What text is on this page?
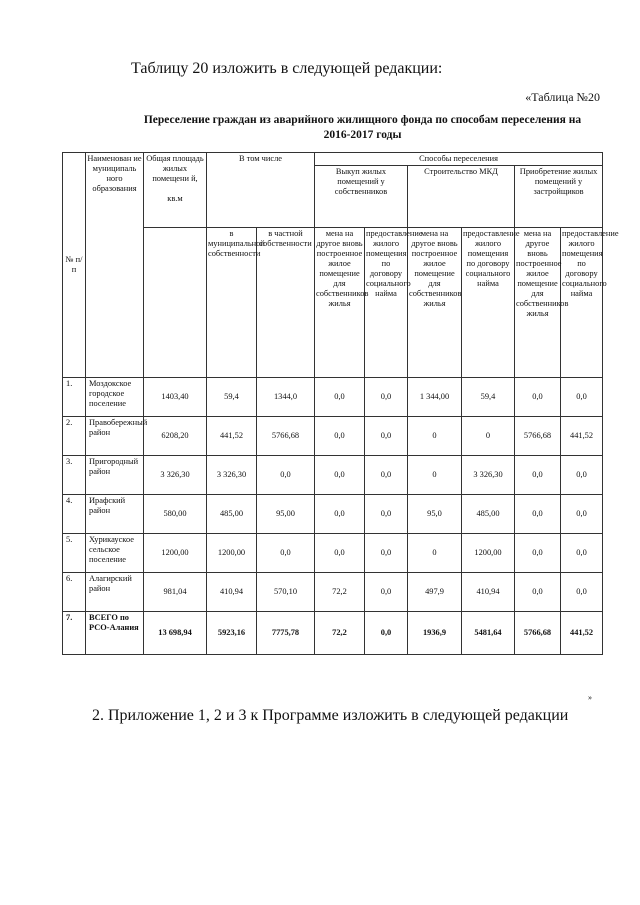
Таблицу 20 изложить в следующей редакции:
«Таблица №20
Переселение граждан из аварийного жилищного фонда по способам переселения на
2016-2017 годы
№ п/ п	Наименован ие муниципаль ного образования	Общая площадь жилых помещени й,

кв.м	В том числе		Способы переселения					
					Выкуп жилых помещений у собственников		Строительство МКД		Приобретение жилых помещений у застройщиков	
			в муниципальной собственности	в частной собственности	мена на другое вновь построенное жилое помещение для собственников жилья	предоставление жилого помещения по договору социального найма	мена на другое вновь построенное жилое помещение для собственников жилья	предоставление жилого помещения по договору социального найма	мена на другое вновь построенное жилое помещение для собственников жилья	предоставление жилого помещения по договору социального найма
1.	Моздокское городское поселение	1403,40	59,4	1344,0	0,0	0,0	1 344,00	59,4	0,0	0,0
2.	Правобережный район	6208,20	441,52	5766,68	0,0	0,0	0	0	5766,68	441,52
3.	Пригородный район	3 326,30	3 326,30	0,0	0,0	0,0	0	3 326,30	0,0	0,0
4.	Ирафский район	580,00	485,00	95,00	0,0	0,0	95,0	485,00	0,0	0,0
5.	Хурикауское сельское поселение	1200,00	1200,00	0,0	0,0	0,0	0	1200,00	0,0	0,0
6.	Алагирский район	981,04	410,94	570,10	72,2	0,0	497,9	410,94	0,0	0,0
7.	ВСЕГО по РСО-Алания	13 698,94	5923,16	7775,78	72,2	0,0	1936,9	5481,64	5766,68	441,52
»
2. Приложение 1, 2 и 3 к Программе изложить в следующей редакции
